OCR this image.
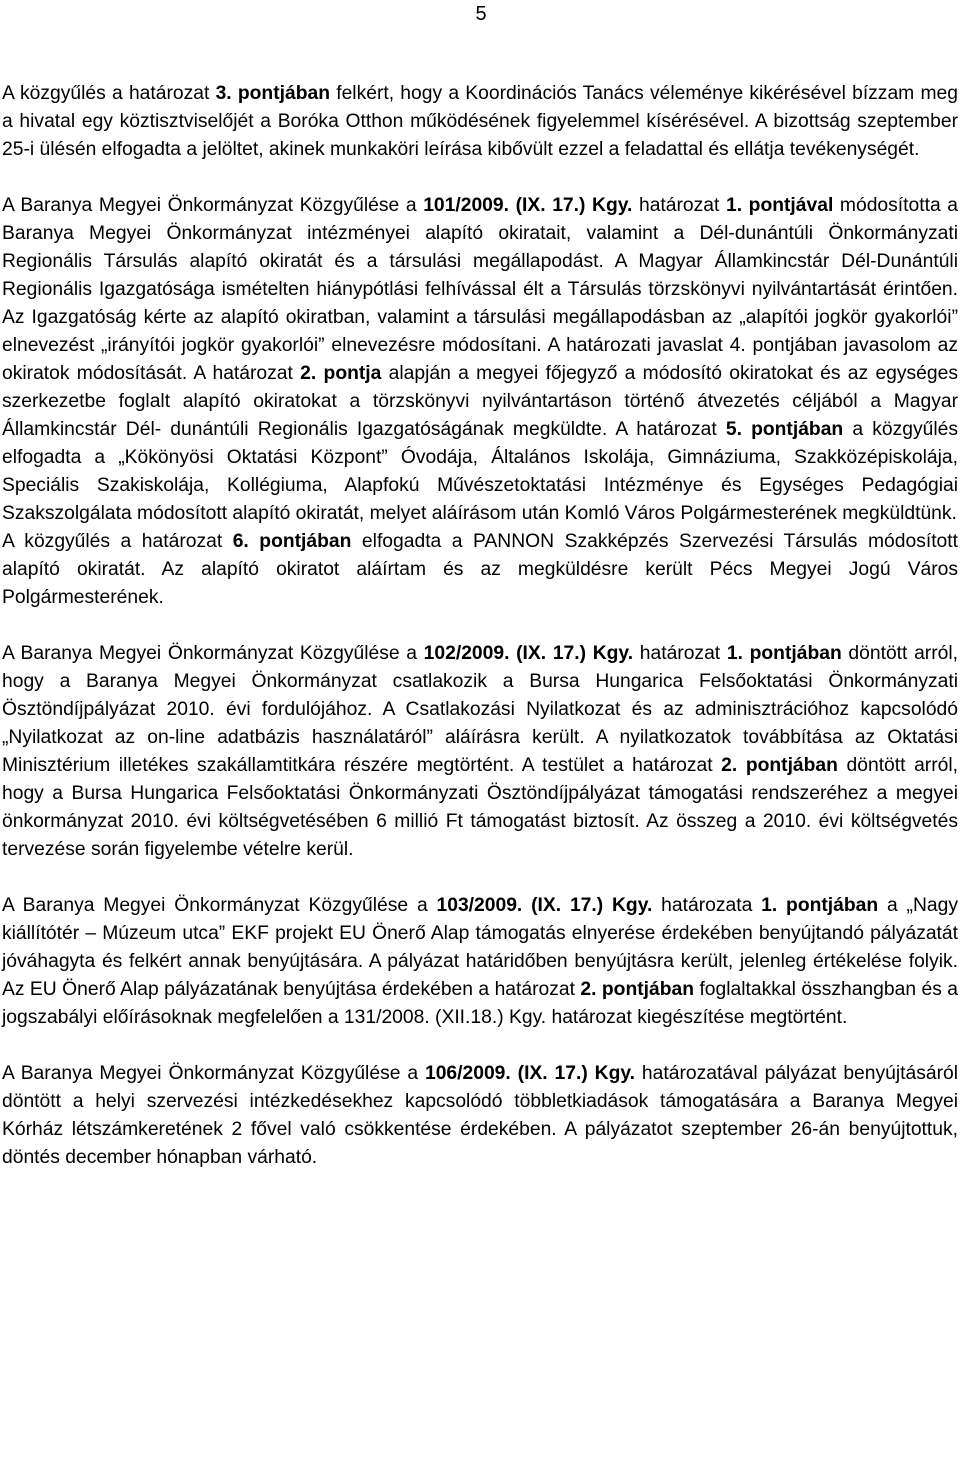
5

A közgyűlés a határozat 3. pontjában felkért, hogy a Koordinációs Tanács véleménye kikérésével bízzam meg a hivatal egy köztisztviselőjét a Boróka Otthon működésének figyelemmel kísérésével. A bizottság szeptember 25-i ülésén elfogadta a jelöltet, akinek munkaköri leírása kibővült ezzel a feladattal és ellátja tevékenységét.

A Baranya Megyei Önkormányzat Közgyűlése a 101/2009. (IX. 17.) Kgy. határozat 1. pontjával módosította a Baranya Megyei Önkormányzat intézményei alapító okiratait, valamint a Dél-dunántúli Önkormányzati Regionális Társulás alapító okiratát és a társulási megállapodást. A Magyar Államkincstár Dél-Dunántúli Regionális Igazgatósága ismételten hiánypótlási felhívással élt a Társulás törzskönyvi nyilvántartását érintően. Az Igazgatóság kérte az alapító okiratban, valamint a társulási megállapodásban az „alapítói jogkör gyakorlói” elnevezést „irányítói jogkör gyakorlói” elnevezésre módosítani. A határozati javaslat 4. pontjában javasolom az okiratok módosítását. A határozat 2. pontja alapján a megyei főjegyző a módosító okiratokat és az egységes szerkezetbe foglalt alapító okiratokat a törzskönyvi nyilvántartáson történő átvezetés céljából a Magyar Államkincstár Dél- dunántúli Regionális Igazgatóságának megküldte. A határozat 5. pontjában a közgyűlés elfogadta a „Kökönyösi Oktatási Központ” Óvodája, Általános Iskolája, Gimnáziuma, Szakközépiskolája, Speciális Szakiskolája, Kollégiuma, Alapfokú Művészetoktatási Intézménye és Egységes Pedagógiai Szakszolgálata módosított alapító okiratát, melyet aláírásom után Komló Város Polgármesterének megküldtünk.

A közgyűlés a határozat 6. pontjában elfogadta a PANNON Szakképzés Szervezési Társulás módosított alapító okiratát. Az alapító okiratot aláírtam és az megküldésre került Pécs Megyei Jogú Város Polgármesterének.

A Baranya Megyei Önkormányzat Közgyűlése a 102/2009. (IX. 17.) Kgy. határozat 1. pontjában döntött arról, hogy a Baranya Megyei Önkormányzat csatlakozik a Bursa Hungarica Felsőoktatási Önkormányzati Ösztöndíjpályázat 2010. évi fordulójához. A Csatlakozási Nyilatkozat és az adminisztrációhoz kapcsolódó „Nyilatkozat az on-line adatbázis használatáról” aláírásra került. A nyilatkozatok továbbítása az Oktatási Minisztérium illetékes szakállamtitkára részére megtörtént. A testület a határozat 2. pontjában döntött arról, hogy a Bursa Hungarica Felsőoktatási Önkormányzati Ösztöndíjpályázat támogatási rendszeréhez a megyei önkormányzat 2010. évi költségvetésében 6 millió Ft támogatást biztosít. Az összeg a 2010. évi költségvetés tervezése során figyelembe vételre kerül.

A Baranya Megyei Önkormányzat Közgyűlése a 103/2009. (IX. 17.) Kgy. határozata 1. pontjában a „Nagy kiállítótér – Múzeum utca” EKF projekt EU Önerő Alap támogatás elnyerése érdekében benyújtandó pályázatát jóváhagyta és felkért annak benyújtására. A pályázat határidőben benyújtásra került, jelenleg értékelése folyik. Az EU Önerő Alap pályázatának benyújtása érdekében a határozat 2. pontjában foglaltakkal összhangban és a jogszabályi előírásoknak megfelelően a 131/2008. (XII.18.) Kgy. határozat kiegészítése megtörtént.

A Baranya Megyei Önkormányzat Közgyűlése a 106/2009. (IX. 17.) Kgy. határozatával pályázat benyújtásáról döntött a helyi szervezési intézkedésekhez kapcsolódó többletkiadások támogatására a Baranya Megyei Kórház létszámkeretének 2 fővel való csökkentése érdekében. A pályázatot szeptember 26-án benyújtottuk, döntés december hónapban várható.
